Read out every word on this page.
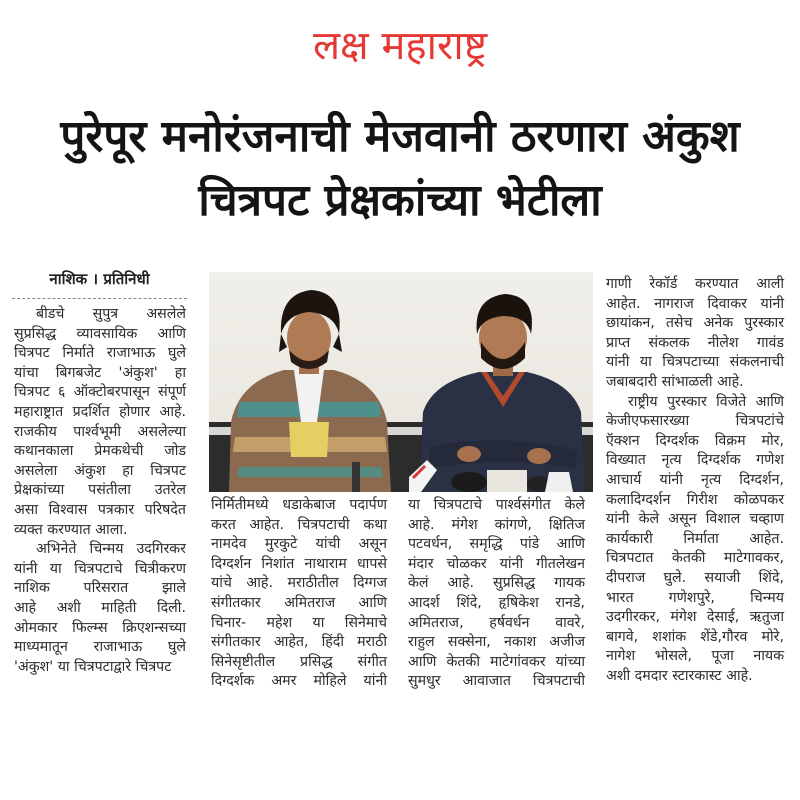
लक्ष महाराष्ट्र
पुरेपूर मनोरंजनाची मेजवानी ठरणारा अंकुश
चित्रपट प्रेक्षकांच्या भेटीला
नाशिक । प्रतिनिधी
बीडचे सुपुत्र असलेले
सुप्रसिद्ध व्यावसायिक आणि
चित्रपट निर्माते राजाभाऊ घुले
यांचा बिगबजेट 'अंकुश' हा
चित्रपट ६ ऑक्टोबरपासून संपूर्ण
महाराष्ट्रात प्रदर्शित होणार आहे.
राजकीय पार्श्वभूमी असलेल्या
कथानकाला प्रेमकथेची जोड
असलेला अंकुश हा चित्रपट
प्रेक्षकांच्या पसंतीला उतरेल
असा विश्वास पत्रकार परिषदेत
व्यक्त करण्यात आला.
अभिनेते चिन्मय उदगिरकर
यांनी या चित्रपटाचे चित्रीकरण
नाशिक परिसरात झाले
आहे अशी माहिती दिली.
ओमकार फिल्म्स क्रिएशन्सच्या
माध्यमातून राजाभाऊ घुले
'अंकुश' या चित्रपटाद्वारे चित्रपट
निर्मितीमध्ये धडाकेबाज पदार्पण
करत आहेत. चित्रपटाची कथा
नामदेव मुरकुटे यांची असून
दिग्दर्शन निशांत नाथाराम धापसे
यांचे आहे. मराठीतील दिग्गज
संगीतकार अमितराज आणि
चिनार- महेश या सिनेमाचे
संगीतकार आहेत, हिंदी मराठी
सिनेसृष्टीतील प्रसिद्ध संगीत
दिग्दर्शक अमर मोहिले यांनी
या चित्रपटाचे पार्श्वसंगीत केले
आहे. मंगेश कांगणे, क्षितिज
पटवर्धन, समृद्धि पांडे आणि
मंदार चोळकर यांनी गीतलेखन
केलं आहे. सुप्रसिद्ध गायक
आदर्श शिंदे, हृषिकेश रानडे,
अमितराज, हर्षवर्धन वावरे,
राहुल सक्सेना, नकाश अजीज
आणि केतकी माटेगांवकर यांच्या
सुमधुर आवाजात चित्रपटाची
गाणी रेकॉर्ड करण्यात आली
आहेत. नागराज दिवाकर यांनी
छायांकन, तसेच अनेक पुरस्कार
प्राप्त संकलक नीलेश गावंड
यांनी या चित्रपटाच्या संकलनाची
जबाबदारी सांभाळली आहे.
राष्ट्रीय पुरस्कार विजेते आणि
केजीएफसारख्या चित्रपटांचे
ऍक्शन दिग्दर्शक विक्रम मोर,
विख्यात नृत्य दिग्दर्शक गणेश
आचार्य यांनी नृत्य दिग्दर्शन,
कलादिग्दर्शन गिरीश कोळपकर
यांनी केले असून विशाल चव्हाण
कार्यकारी निर्माता आहेत.
चित्रपटात केतकी माटेगावकर,
दीपराज घुले. सयाजी शिंदे,
भारत गणेशपुरे, चिन्मय
उदगीरकर, मंगेश देसाई, ऋतुजा
बागवे, शशांक शेंडे,गौरव मोरे,
नागेश भोसले, पूजा नायक
अशी दमदार स्टारकास्ट आहे.
